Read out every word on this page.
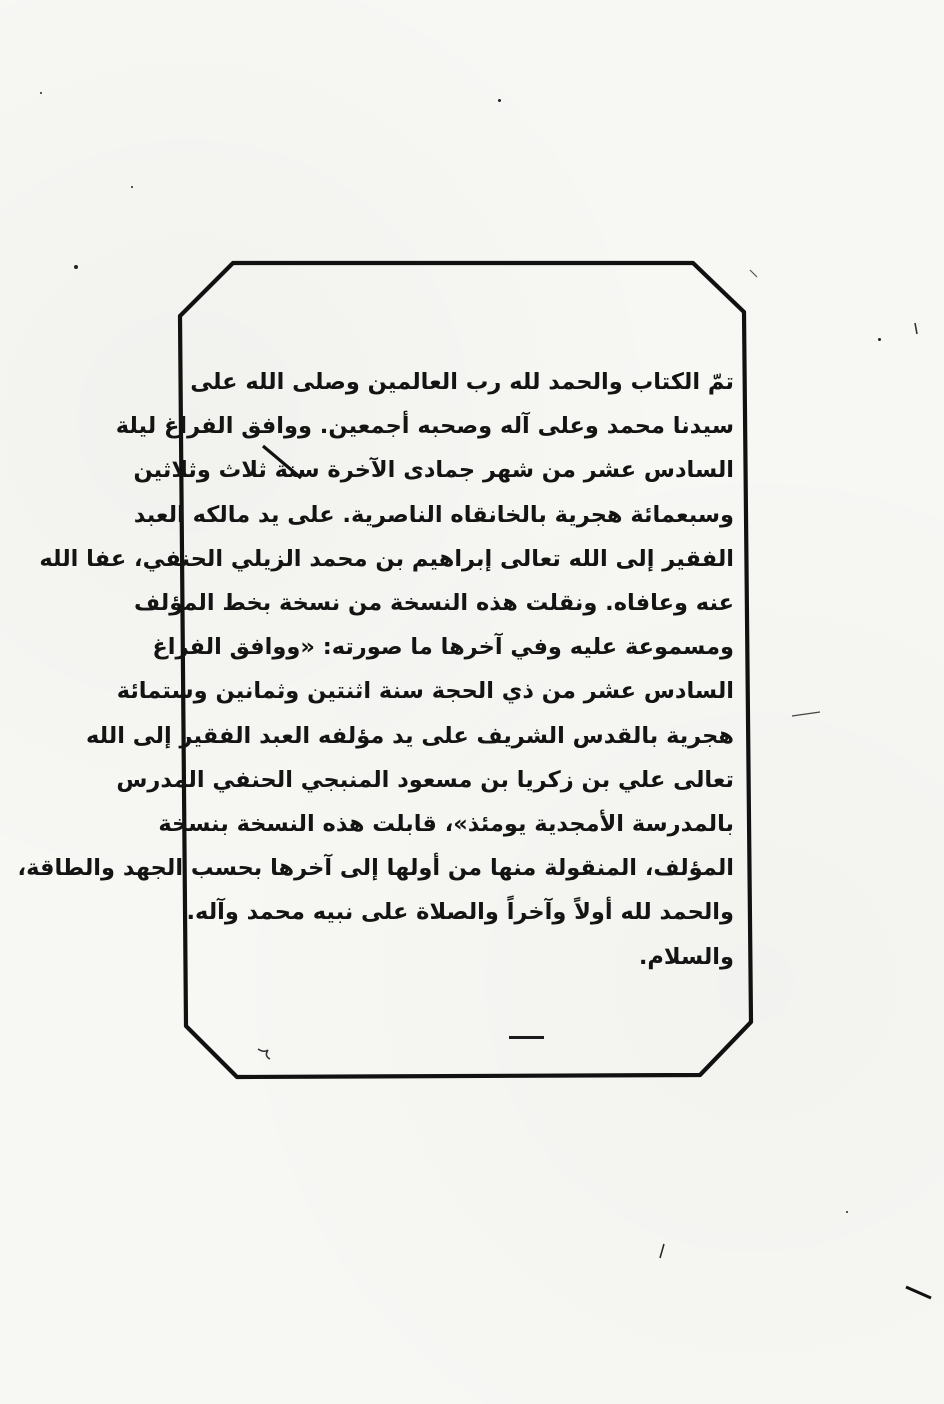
تمّ الكتاب والحمد لله رب العالمين وصلى الله على
سيدنا محمد وعلى آله وصحبه أجمعين. ووافق الفراغ ليلة
السادس عشر من شهر جمادى الآخرة سنة ثلاث وثلاثين
وسبعمائة هجرية بالخانقاه الناصرية. على يد مالكه العبد
الفقير إلى الله تعالى إبراهيم بن محمد الزيلي الحنفي، عفا الله
عنه وعافاه. ونقلت هذه النسخة من نسخة بخط المؤلف
ومسموعة عليه وفي آخرها ما صورته: «ووافق الفراغ
السادس عشر من ذي الحجة سنة اثنتين وثمانين وستمائة
هجرية بالقدس الشريف على يد مؤلفه العبد الفقير إلى الله
تعالى علي بن زكريا بن مسعود المنبجي الحنفي المدرس
بالمدرسة الأمجدية يومئذ»، قابلت هذه النسخة بنسخة
المؤلف، المنقولة منها من أولها إلى آخرها بحسب الجهد والطاقة،
والحمد لله أولاً وآخراً والصلاة على نبيه محمد وآله.
والسلام.
